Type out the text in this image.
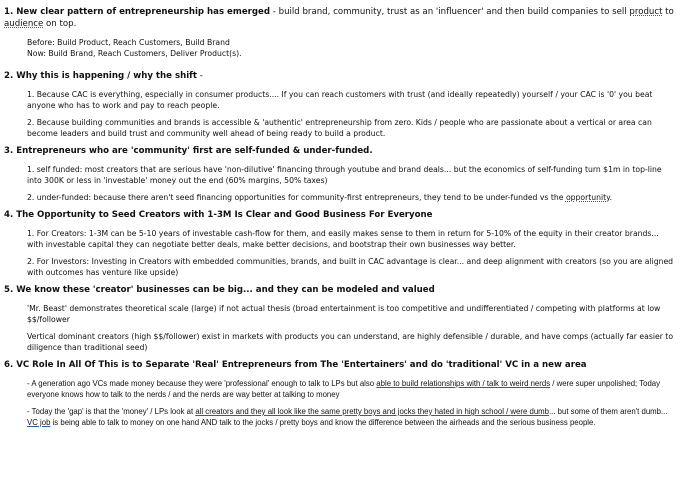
1. New clear pattern of entrepreneurship has emerged - build brand, community, trust as an 'influencer' and then build companies to sell product to audience on top.

Before: Build Product, Reach Customers, Build Brand

Now: Build Brand, Reach Customers, Deliver Product(s).

2. Why this is happening / why the shift -

1. Because CAC is everything, especially in consumer products.... If you can reach customers with trust (and ideally repeatedly) yourself / your CAC is '0' you beat anyone who has to work and pay to reach people.

2. Because building communities and brands is accessible & 'authentic' entrepreneurship from zero. Kids / people who are passionate about a vertical or area can become leaders and build trust and community well ahead of being ready to build a product.

3. Entrepreneurs who are 'community' first are self-funded & under-funded.

1. self funded: most creators that are serious have 'non-dilutive' financing through youtube and brand deals... but the economics of self-funding turn $1m in top-line into 300K or less in 'investable' money out the end (60% margins, 50% taxes)

2. under-funded: because there aren't seed financing opportunities for community-first entrepreneurs, they tend to be under-funded vs the opportunity.

4. The Opportunity to Seed Creators with 1-3M Is Clear and Good Business For Everyone

1. For Creators: 1-3M can be 5-10 years of investable cash-flow for them, and easily makes sense to them in return for 5-10% of the equity in their creator brands... with investable capital they can negotiate better deals, make better decisions, and bootstrap their own businesses way better.

2. For Investors: Investing in Creators with embedded communities, brands, and built in CAC advantage is clear... and deep alignment with creators (so you are aligned with outcomes has venture like upside)

5. We know these 'creator' businesses can be big... and they can be modeled and valued

'Mr. Beast' demonstrates theoretical scale (large) if not actual thesis (broad entertainment is too competitive and undifferentiated / competing with platforms at low $$/follower

Vertical dominant creators (high $$/follower) exist in markets with products you can understand, are highly defensible / durable, and have comps (actually far easier to diligence than traditional seed)

6. VC Role In All Of This is to Separate 'Real' Entrepreneurs from The 'Entertainers' and do 'traditional' VC in a new area

- A generation ago VCs made money because they were 'professional' enough to talk to LPs but also able to build relationships with / talk to weird nerds / were super unpolished; Today everyone knows how to talk to the nerds / and the nerds are way better at talking to money

- Today the 'gap' is that the 'money' / LPs look at all creators and they all look like the same pretty boys and jocks they hated in high school / were dumb... but some of them aren't dumb... VC job is being able to talk to money on one hand AND talk to the jocks / pretty boys and know the difference between the airheads and the serious business people.
